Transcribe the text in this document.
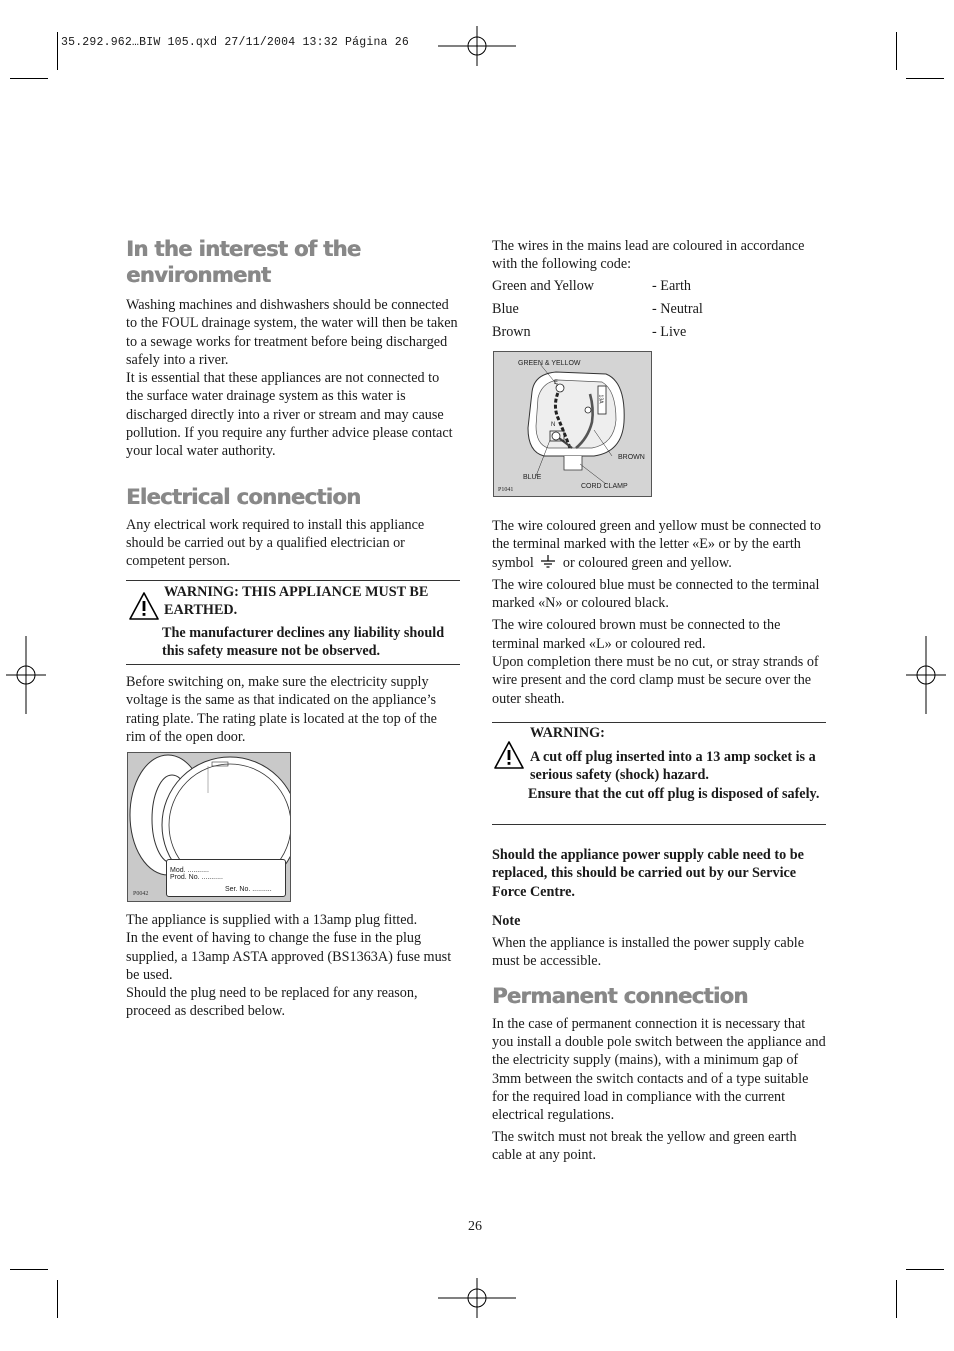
35.292.962…BIW 105.qxd 27/11/2004 13:32 Página 26
In the interest of the environment

Washing machines and dishwashers should be connected to the FOUL drainage system, the water will then be taken to a sewage works for treatment before being discharged safely into a river.

It is essential that these appliances are not connected to the surface water drainage system as this water is discharged directly into a river or stream and may cause pollution. If you require any further advice please contact your local water authority.

Electrical connection

Any electrical work required to install this appliance should be carried out by a qualified electrician or competent person.

WARNING: THIS APPLIANCE MUST BE EARTHED.
The manufacturer declines any liability should this safety measure not be observed.

Before switching on, make sure the electricity supply voltage is the same as that indicated on the appliance’s rating plate. The rating plate is located at the top of the rim of the open door.

Mod. ...........
Prod. No. ...........
Ser. No. ..........
P0042

The appliance is supplied with a 13amp plug fitted.

In the event of having to change the fuse in the plug supplied, a 13amp ASTA approved (BS1363A) fuse must be used.

Should the plug need to be replaced for any reason, proceed as described below.

The wires in the mains lead are coloured in accordance with the following code:

Green and Yellow	- Earth
Blue	- Neutral
Brown	- Live
GREEN & YELLOW
E
N
13A
BROWN
BLUE
CORD CLAMP
P1041

The wire coloured green and yellow must be connected to the terminal marked with the letter «E» or by the earth symbol or coloured green and yellow.

The wire coloured blue must be connected to the terminal marked «N» or coloured black.

The wire coloured brown must be connected to the terminal marked «L» or coloured red.

Upon completion there must be no cut, or stray strands of wire present and the cord clamp must be secure over the outer sheath.

WARNING:
A cut off plug inserted into a 13 amp socket is a serious safety (shock) hazard.
Ensure that the cut off plug is disposed of safely.

Should the appliance power supply cable need to be replaced, this should be carried out by our Service Force Centre.

Note

When the appliance is installed the power supply cable must be accessible.

Permanent connection

In the case of permanent connection it is necessary that you install a double pole switch between the appliance and the electricity supply (mains), with a minimum gap of 3mm between the switch contacts and of a type suitable for the required load in compliance with the current electrical regulations.

The switch must not break the yellow and green earth cable at any point.

26
